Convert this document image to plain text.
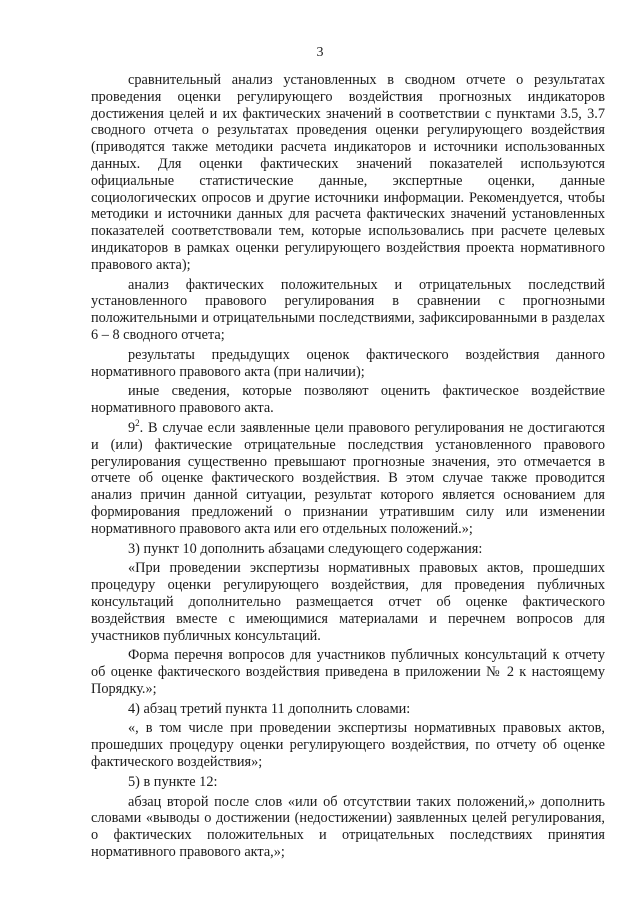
3

сравнительный анализ установленных в сводном отчете о результатах проведения оценки регулирующего воздействия прогнозных индикаторов достижения целей и их фактических значений в соответствии с пунктами 3.5, 3.7 сводного отчета о результатах проведения оценки регулирующего воздействия (приводятся также методики расчета индикаторов и источники использованных данных. Для оценки фактических значений показателей используются официальные статистические данные, экспертные оценки, данные социологических опросов и другие источники информации. Рекомендуется, чтобы методики и источники данных для расчета фактических значений установленных показателей соответствовали тем, которые использовались при расчете целевых индикаторов в рамках оценки регулирующего воздействия проекта нормативного правового акта);

анализ фактических положительных и отрицательных последствий установленного правового регулирования в сравнении с прогнозными положительными и отрицательными последствиями, зафиксированными в разделах 6 – 8 сводного отчета;

результаты предыдущих оценок фактического воздействия данного нормативного правового акта (при наличии);

иные сведения, которые позволяют оценить фактическое воздействие нормативного правового акта.

$9^2$. В случае если заявленные цели правового регулирования не достигаются и (или) фактические отрицательные последствия установленного правового регулирования существенно превышают прогнозные значения, это отмечается в отчете об оценке фактического воздействия. В этом случае также проводится анализ причин данной ситуации, результат которого является основанием для формирования предложений о признании утратившим силу или изменении нормативного правового акта или его отдельных положений.»;

3) пункт 10 дополнить абзацами следующего содержания:

«При проведении экспертизы нормативных правовых актов, прошедших процедуру оценки регулирующего воздействия, для проведения публичных консультаций дополнительно размещается отчет об оценке фактического воздействия вместе с имеющимися материалами и перечнем вопросов для участников публичных консультаций.

Форма перечня вопросов для участников публичных консультаций к отчету об оценке фактического воздействия приведена в приложении № 2 к настоящему Порядку.»;

4) абзац третий пункта 11 дополнить словами:

«, в том числе при проведении экспертизы нормативных правовых актов, прошедших процедуру оценки регулирующего воздействия, по отчету об оценке фактического воздействия»;

5) в пункте 12:

абзац второй после слов «или об отсутствии таких положений,» дополнить словами «выводы о достижении (недостижении) заявленных целей регулирования, о фактических положительных и отрицательных последствиях принятия нормативного правового акта,»;
